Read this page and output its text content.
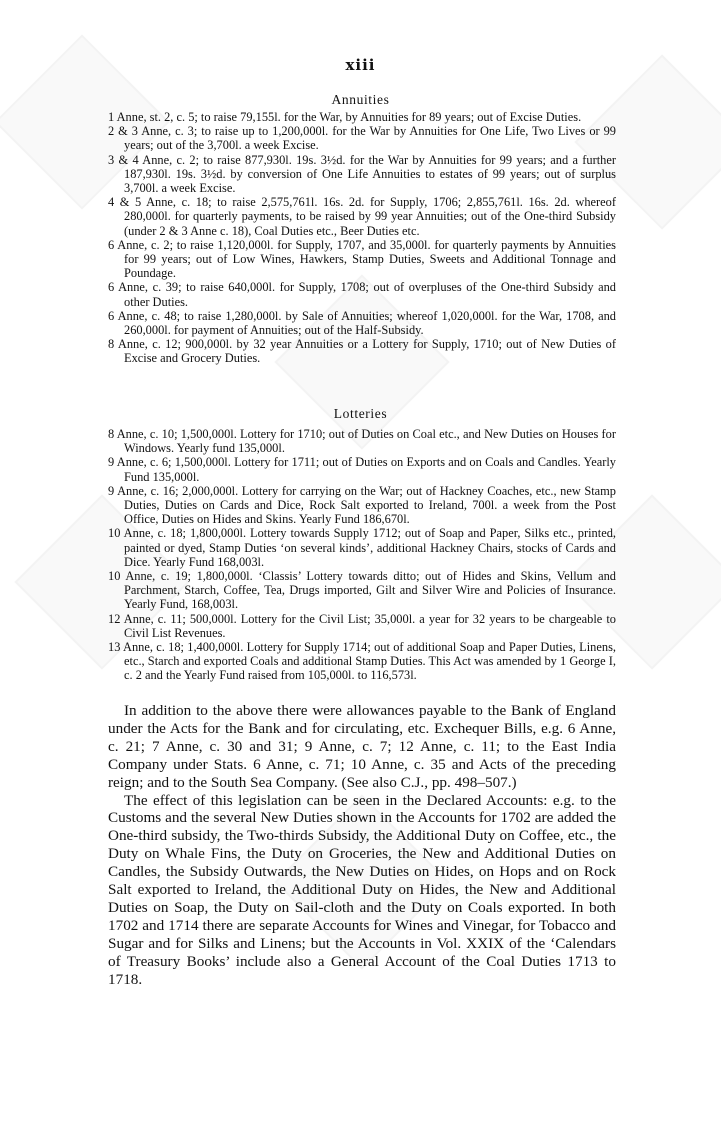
xiii
Annuities
1 Anne, st. 2, c. 5; to raise 79,155l. for the War, by Annuities for 89 years; out of Excise Duties.
2 & 3 Anne, c. 3; to raise up to 1,200,000l. for the War by Annuities for One Life, Two Lives or 99 years; out of the 3,700l. a week Excise.
3 & 4 Anne, c. 2; to raise 877,930l. 19s. 3½d. for the War by Annuities for 99 years; and a further 187,930l. 19s. 3½d. by conversion of One Life Annuities to estates of 99 years; out of surplus 3,700l. a week Excise.
4 & 5 Anne, c. 18; to raise 2,575,761l. 16s. 2d. for Supply, 1706; 2,855,761l. 16s. 2d. whereof 280,000l. for quarterly payments, to be raised by 99 year Annuities; out of the One-third Subsidy (under 2 & 3 Anne c. 18), Coal Duties etc., Beer Duties etc.
6 Anne, c. 2; to raise 1,120,000l. for Supply, 1707, and 35,000l. for quarterly payments by Annuities for 99 years; out of Low Wines, Hawkers, Stamp Duties, Sweets and Additional Tonnage and Poundage.
6 Anne, c. 39; to raise 640,000l. for Supply, 1708; out of overpluses of the One-third Subsidy and other Duties.
6 Anne, c. 48; to raise 1,280,000l. by Sale of Annuities; whereof 1,020,000l. for the War, 1708, and 260,000l. for payment of Annuities; out of the Half-Subsidy.
8 Anne, c. 12; 900,000l. by 32 year Annuities or a Lottery for Supply, 1710; out of New Duties of Excise and Grocery Duties.
Lotteries
8 Anne, c. 10; 1,500,000l. Lottery for 1710; out of Duties on Coal etc., and New Duties on Houses for Windows. Yearly fund 135,000l.
9 Anne, c. 6; 1,500,000l. Lottery for 1711; out of Duties on Exports and on Coals and Candles. Yearly Fund 135,000l.
9 Anne, c. 16; 2,000,000l. Lottery for carrying on the War; out of Hackney Coaches, etc., new Stamp Duties, Duties on Cards and Dice, Rock Salt exported to Ireland, 700l. a week from the Post Office, Duties on Hides and Skins. Yearly Fund 186,670l.
10 Anne, c. 18; 1,800,000l. Lottery towards Supply 1712; out of Soap and Paper, Silks etc., printed, painted or dyed, Stamp Duties ‘on several kinds’, additional Hackney Chairs, stocks of Cards and Dice. Yearly Fund 168,003l.
10 Anne, c. 19; 1,800,000l. ‘Classis’ Lottery towards ditto; out of Hides and Skins, Vellum and Parchment, Starch, Coffee, Tea, Drugs imported, Gilt and Silver Wire and Policies of Insurance. Yearly Fund, 168,003l.
12 Anne, c. 11; 500,000l. Lottery for the Civil List; 35,000l. a year for 32 years to be chargeable to Civil List Revenues.
13 Anne, c. 18; 1,400,000l. Lottery for Supply 1714; out of additional Soap and Paper Duties, Linens, etc., Starch and exported Coals and additional Stamp Duties. This Act was amended by 1 George I, c. 2 and the Yearly Fund raised from 105,000l. to 116,573l.

In addition to the above there were allowances payable to the Bank of England under the Acts for the Bank and for circulating, etc. Exchequer Bills, e.g. 6 Anne, c. 21; 7 Anne, c. 30 and 31; 9 Anne, c. 7; 12 Anne, c. 11; to the East India Company under Stats. 6 Anne, c. 71; 10 Anne, c. 35 and Acts of the preceding reign; and to the South Sea Company. (See also C.J., pp. 498–507.)

The effect of this legislation can be seen in the Declared Accounts: e.g. to the Customs and the several New Duties shown in the Accounts for 1702 are added the One-third subsidy, the Two-thirds Subsidy, the Additional Duty on Coffee, etc., the Duty on Whale Fins, the Duty on Groceries, the New and Additional Duties on Candles, the Subsidy Outwards, the New Duties on Hides, on Hops and on Rock Salt exported to Ireland, the Additional Duty on Hides, the New and Additional Duties on Soap, the Duty on Sail-cloth and the Duty on Coals exported. In both 1702 and 1714 there are separate Accounts for Wines and Vinegar, for Tobacco and Sugar and for Silks and Linens; but the Accounts in Vol. XXIX of the ‘Calendars of Treasury Books’ include also a General Account of the Coal Duties 1713 to 1718.
